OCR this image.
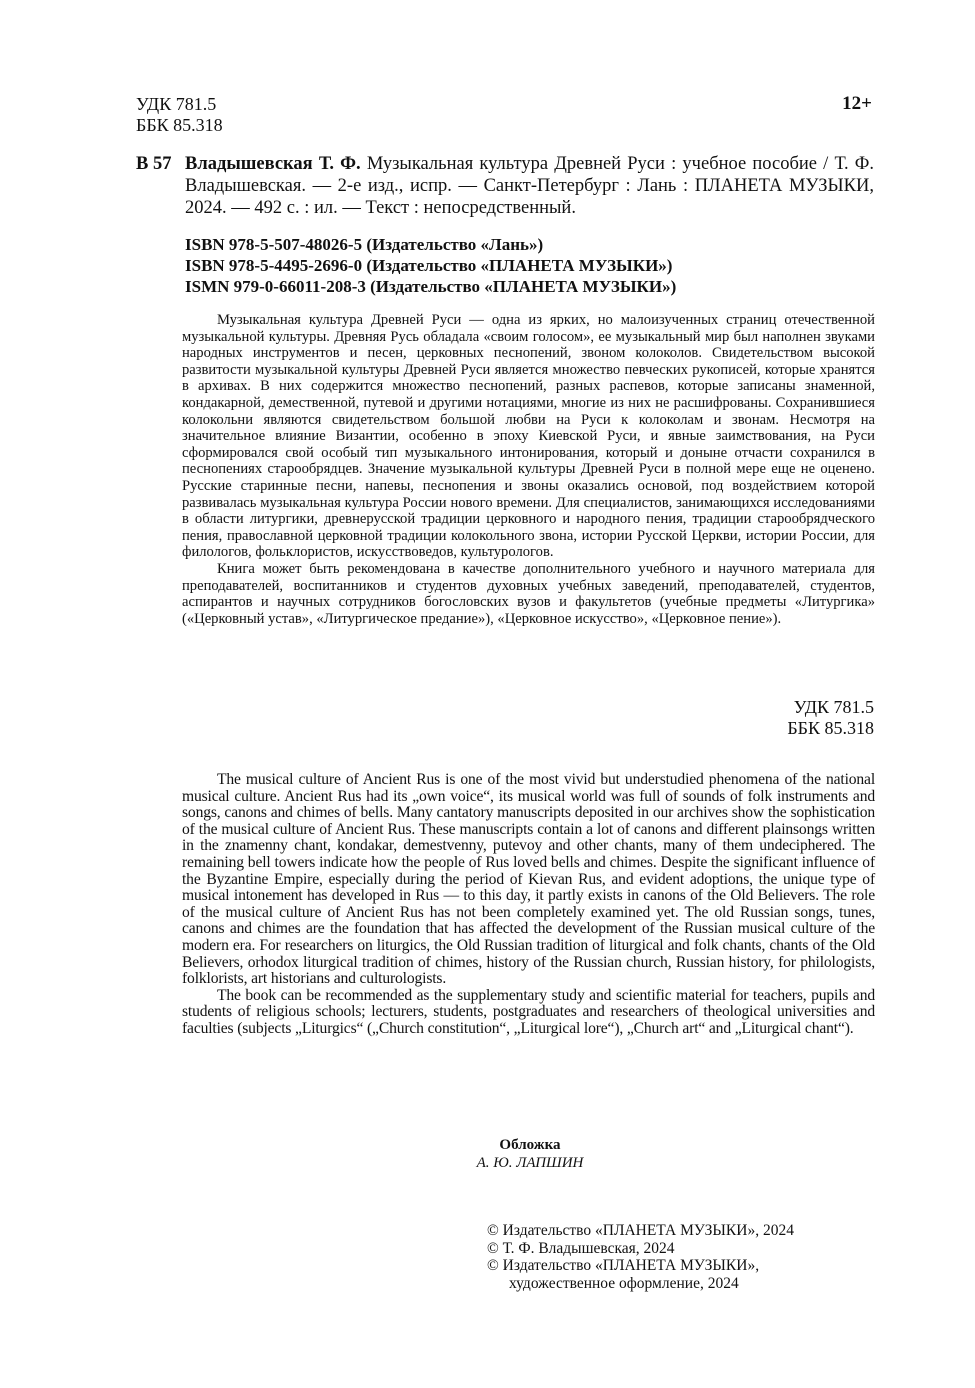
УДК 781.5
ББК 85.318
12+
В 57 Владышевская Т. Ф. Музыкальная культура Древней Руси : учебное пособие / Т. Ф. Владышевская. — 2-е изд., испр. — Санкт-Петербург : Лань : ПЛАНЕТА МУЗЫКИ, 2024. — 492 с. : ил. — Текст : непосредственный.
ISBN 978-5-507-48026-5 (Издательство «Лань»)
ISBN 978-5-4495-2696-0 (Издательство «ПЛАНЕТА МУЗЫКИ»)
ISMN 979-0-66011-208-3 (Издательство «ПЛАНЕТА МУЗЫКИ»)

Музыкальная культура Древней Руси — одна из ярких, но малоизученных страниц отечественной музыкальной культуры. Древняя Русь обладала «своим голосом», ее музыкальный мир был наполнен звуками народных инструментов и песен, церковных песнопений, звоном колоколов. Свидетельством высокой развитости музыкальной культуры Древней Руси является множество певческих рукописей, которые хранятся в архивах. В них содержится множество песнопений, разных распевов, которые записаны знаменной, кондакарной, демественной, путевой и другими нотациями, многие из них не расшифрованы. Сохранившиеся колокольни являются свидетельством большой любви на Руси к колоколам и звонам. Несмотря на значительное влияние Византии, особенно в эпоху Киевской Руси, и явные заимствования, на Руси сформировался свой особый тип музыкального интонирования, который и доныне отчасти сохранился в песнопениях старообрядцев. Значение музыкальной культуры Древней Руси в полной мере еще не оценено. Русские старинные песни, напевы, песнопения и звоны оказались основой, под воздействием которой развивалась музыкальная культура России нового времени. Для специалистов, занимающихся исследованиями в области литургики, древнерусской традиции церковного и народного пения, традиции старообрядческого пения, православной церковной традиции колокольного звона, истории Русской Церкви, истории России, для филологов, фольклористов, искусствоведов, культурологов.

Книга может быть рекомендована в качестве дополнительного учебного и научного материала для преподавателей, воспитанников и студентов духовных учебных заведений, преподавателей, студентов, аспирантов и научных сотрудников богословских вузов и факультетов (учебные предметы «Литургика» («Церковный устав», «Литургическое предание»), «Церковное искусство», «Церковное пение»).

УДК 781.5
ББК 85.318

The musical culture of Ancient Rus is one of the most vivid but understudied phenomena of the national musical culture. Ancient Rus had its „own voice“, its musical world was full of sounds of folk instruments and songs, canons and chimes of bells. Many cantatory manuscripts deposited in our archives show the sophistication of the musical culture of Ancient Rus. These manuscripts contain a lot of canons and different plainsongs written in the znamenny chant, kondakar, demestvenny, putevoy and other chants, many of them undeciphered. The remaining bell towers indicate how the people of Rus loved bells and chimes. Despite the significant influence of the Byzantine Empire, especially during the period of Kievan Rus, and evident adoptions, the unique type of musical intonement has developed in Rus — to this day, it partly exists in canons of the Old Believers. The role of the musical culture of Ancient Rus has not been completely examined yet. The old Russian songs, tunes, canons and chimes are the foundation that has affected the development of the Russian musical culture of the modern era. For researchers on liturgics, the Old Russian tradition of liturgical and folk chants, chants of the Old Believers, orhodox liturgical tradition of chimes, history of the Russian church, Russian history, for philologists, folklorists, art historians and culturologists.

The book can be recommended as the supplementary study and scientific material for teachers, pupils and students of religious schools; lecturers, students, postgraduates and researchers of theological universities and faculties (subjects „Liturgics“ („Church constitution“, „Liturgical lore“), „Church art“ and „Liturgical chant“).

Обложка
А. Ю. ЛАПШИН
© Издательство «ПЛАНЕТА МУЗЫКИ», 2024
© Т. Ф. Владышевская, 2024
© Издательство «ПЛАНЕТА МУЗЫКИ»,
художественное оформление, 2024
